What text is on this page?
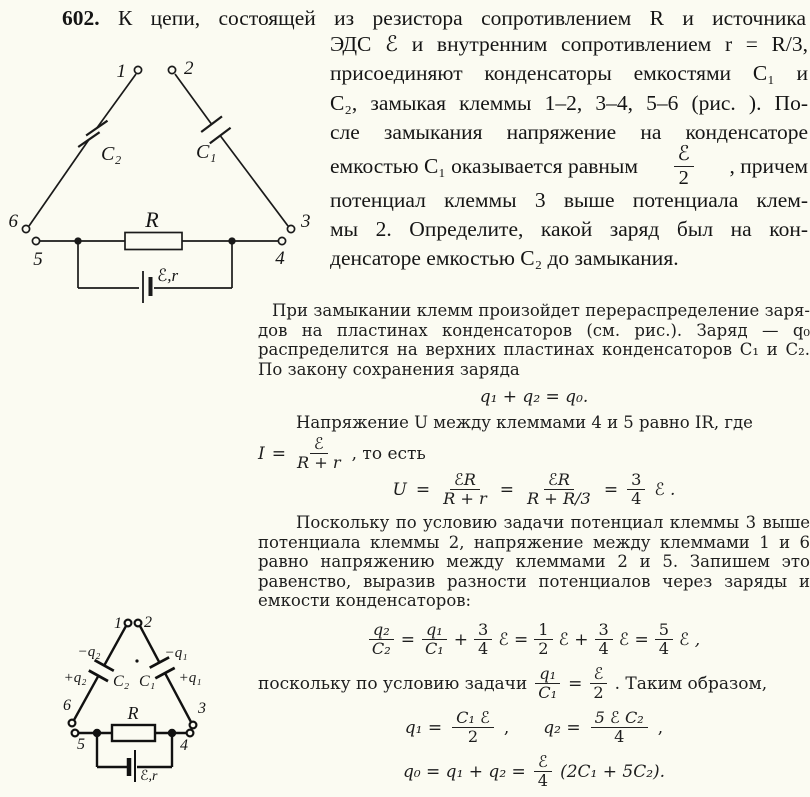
602. К цепи, состоящей из резистора сопротивлением R и источника
ЭДС ℰ и внутренним сопротивлением r = R/3,
присоединяют конденсаторы емкостями C₁ и
C₂, замыкая клеммы 1–2, 3–4, 5–6 (рис. ). По-
сле замыкания напряжение на конденсаторе
емкостью C₁ оказывается равным $\frac{\text{ℰ}}{2}$ , причем
потенциал клеммы 3 выше потенциала клем-
мы 2. Определите, какой заряд был на кон-
денсаторе емкостью C₂ до замыкания.
1	2
6	3
5	4
C₂	C₁
R
ℰ,r
1 2
6	3
5	4
−q₂
+q₂
−q₁
+q₁
C₂ C₁
R
ℰ,r
При замыкании клемм произойдет перераспределение заря-
дов на пластинах конденсаторов (см. рис.). Заряд — q₀
распределится на верхних пластинах конденсаторов C₁ и C₂.
По закону сохранения заряда
q₁ + q₂ = q₀.
Напряжение U между клеммами 4 и 5 равно IR, где
$I = \frac{\text{ℰ}}{R + r}$ , то есть
$U = \frac{\text{ℰR}}{R + r} = \frac{\text{ℰR}}{R + R/3} = \frac{3}{4}$ ℰ .
Поскольку по условию задачи потенциал клеммы 3 выше
потенциала клеммы 2, напряжение между клеммами 1 и 6
равно напряжению между клеммами 2 и 5. Запишем это
равенство, выразив разности потенциалов через заряды и
емкости конденсаторов:
$\frac{\text{q₂}}{\text{C₂}} = \frac{\text{q₁}}{\text{C₁}} + \frac{3}{4}$ ℰ = $\frac{1}{2}$ ℰ + $\frac{3}{4}$ ℰ = $\frac{5}{4}$ ℰ ,
поскольку по условию задачи $\frac{\text{q₁}}{\text{C₁}} = \frac{\text{ℰ}}{2}$ . Таким образом,
$q_1 = \frac{\text{C₁ ℰ}}{2}$ , $q_2 = \frac{\text{5 ℰ C₂}}{4}$ ,
$q_0 = q_1 + q_2 = \frac{\text{ℰ}}{4} (2C_1 + 5C_2)$.
